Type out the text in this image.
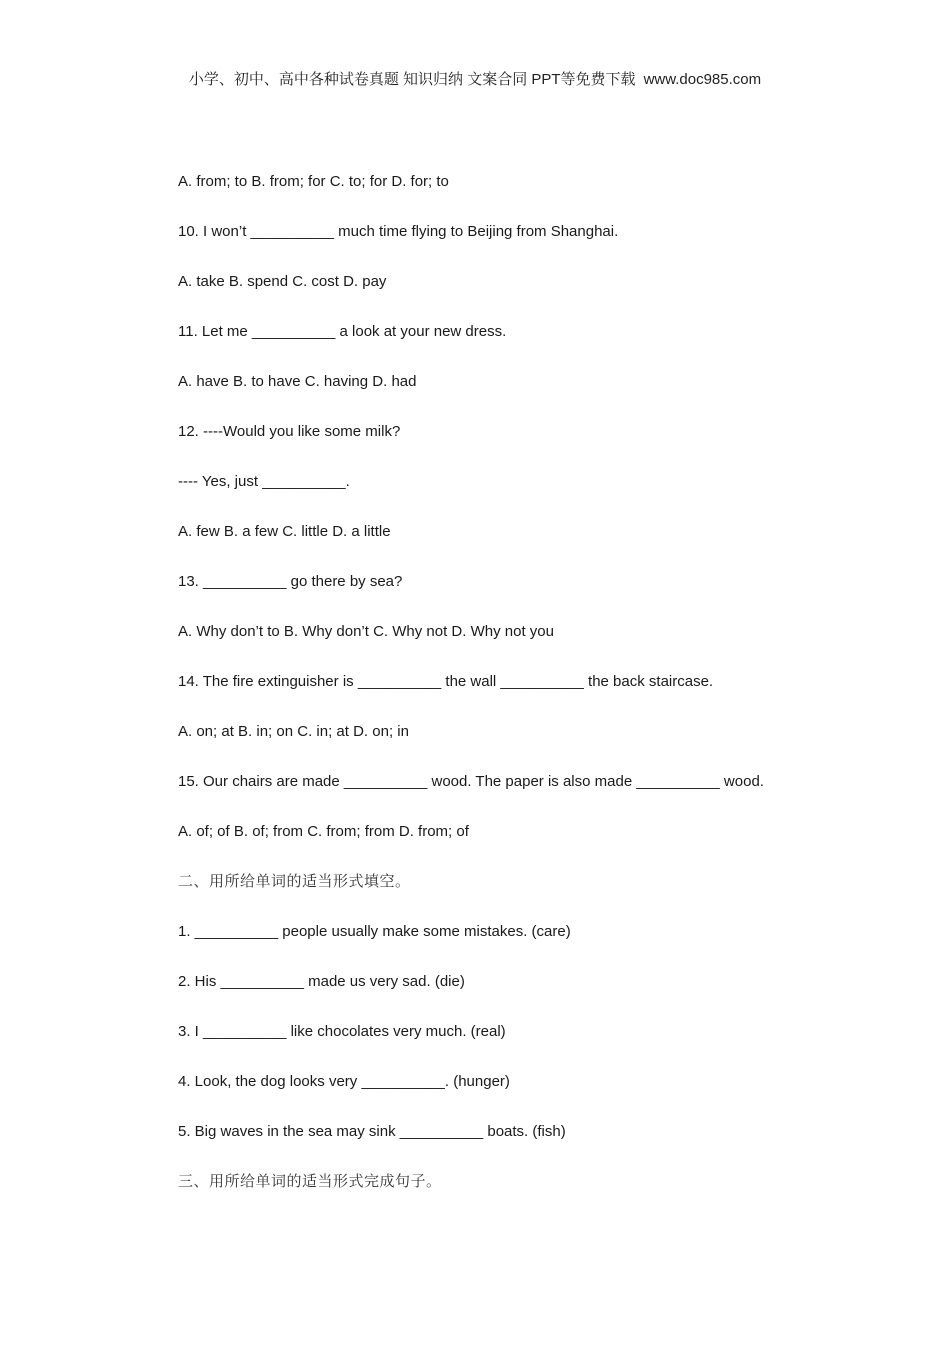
小学、初中、高中各种试卷真题 知识归纳 文案合同 PPT等免费下载 www.doc985.com
A. from; to B. from; for C. to; for D. for; to
10. I won’t __________ much time flying to Beijing from Shanghai.
A. take B. spend C. cost D. pay
11. Let me __________ a look at your new dress.
A. have B. to have C. having D. had
12. ----Would you like some milk?
---- Yes, just __________.
A. few B. a few C. little D. a little
13. __________ go there by sea?
A. Why don’t to B. Why don’t C. Why not D. Why not you
14. The fire extinguisher is __________ the wall __________ the back staircase.
A. on; at B. in; on C. in; at D. on; in
15. Our chairs are made __________ wood. The paper is also made __________ wood.
A. of; of B. of; from C. from; from D. from; of
二、用所给单词的适当形式填空。
1. __________ people usually make some mistakes. (care)
2. His __________ made us very sad. (die)
3. I __________ like chocolates very much. (real)
4. Look, the dog looks very __________. (hunger)
5. Big waves in the sea may sink __________ boats. (fish)
三、用所给单词的适当形式完成句子。
